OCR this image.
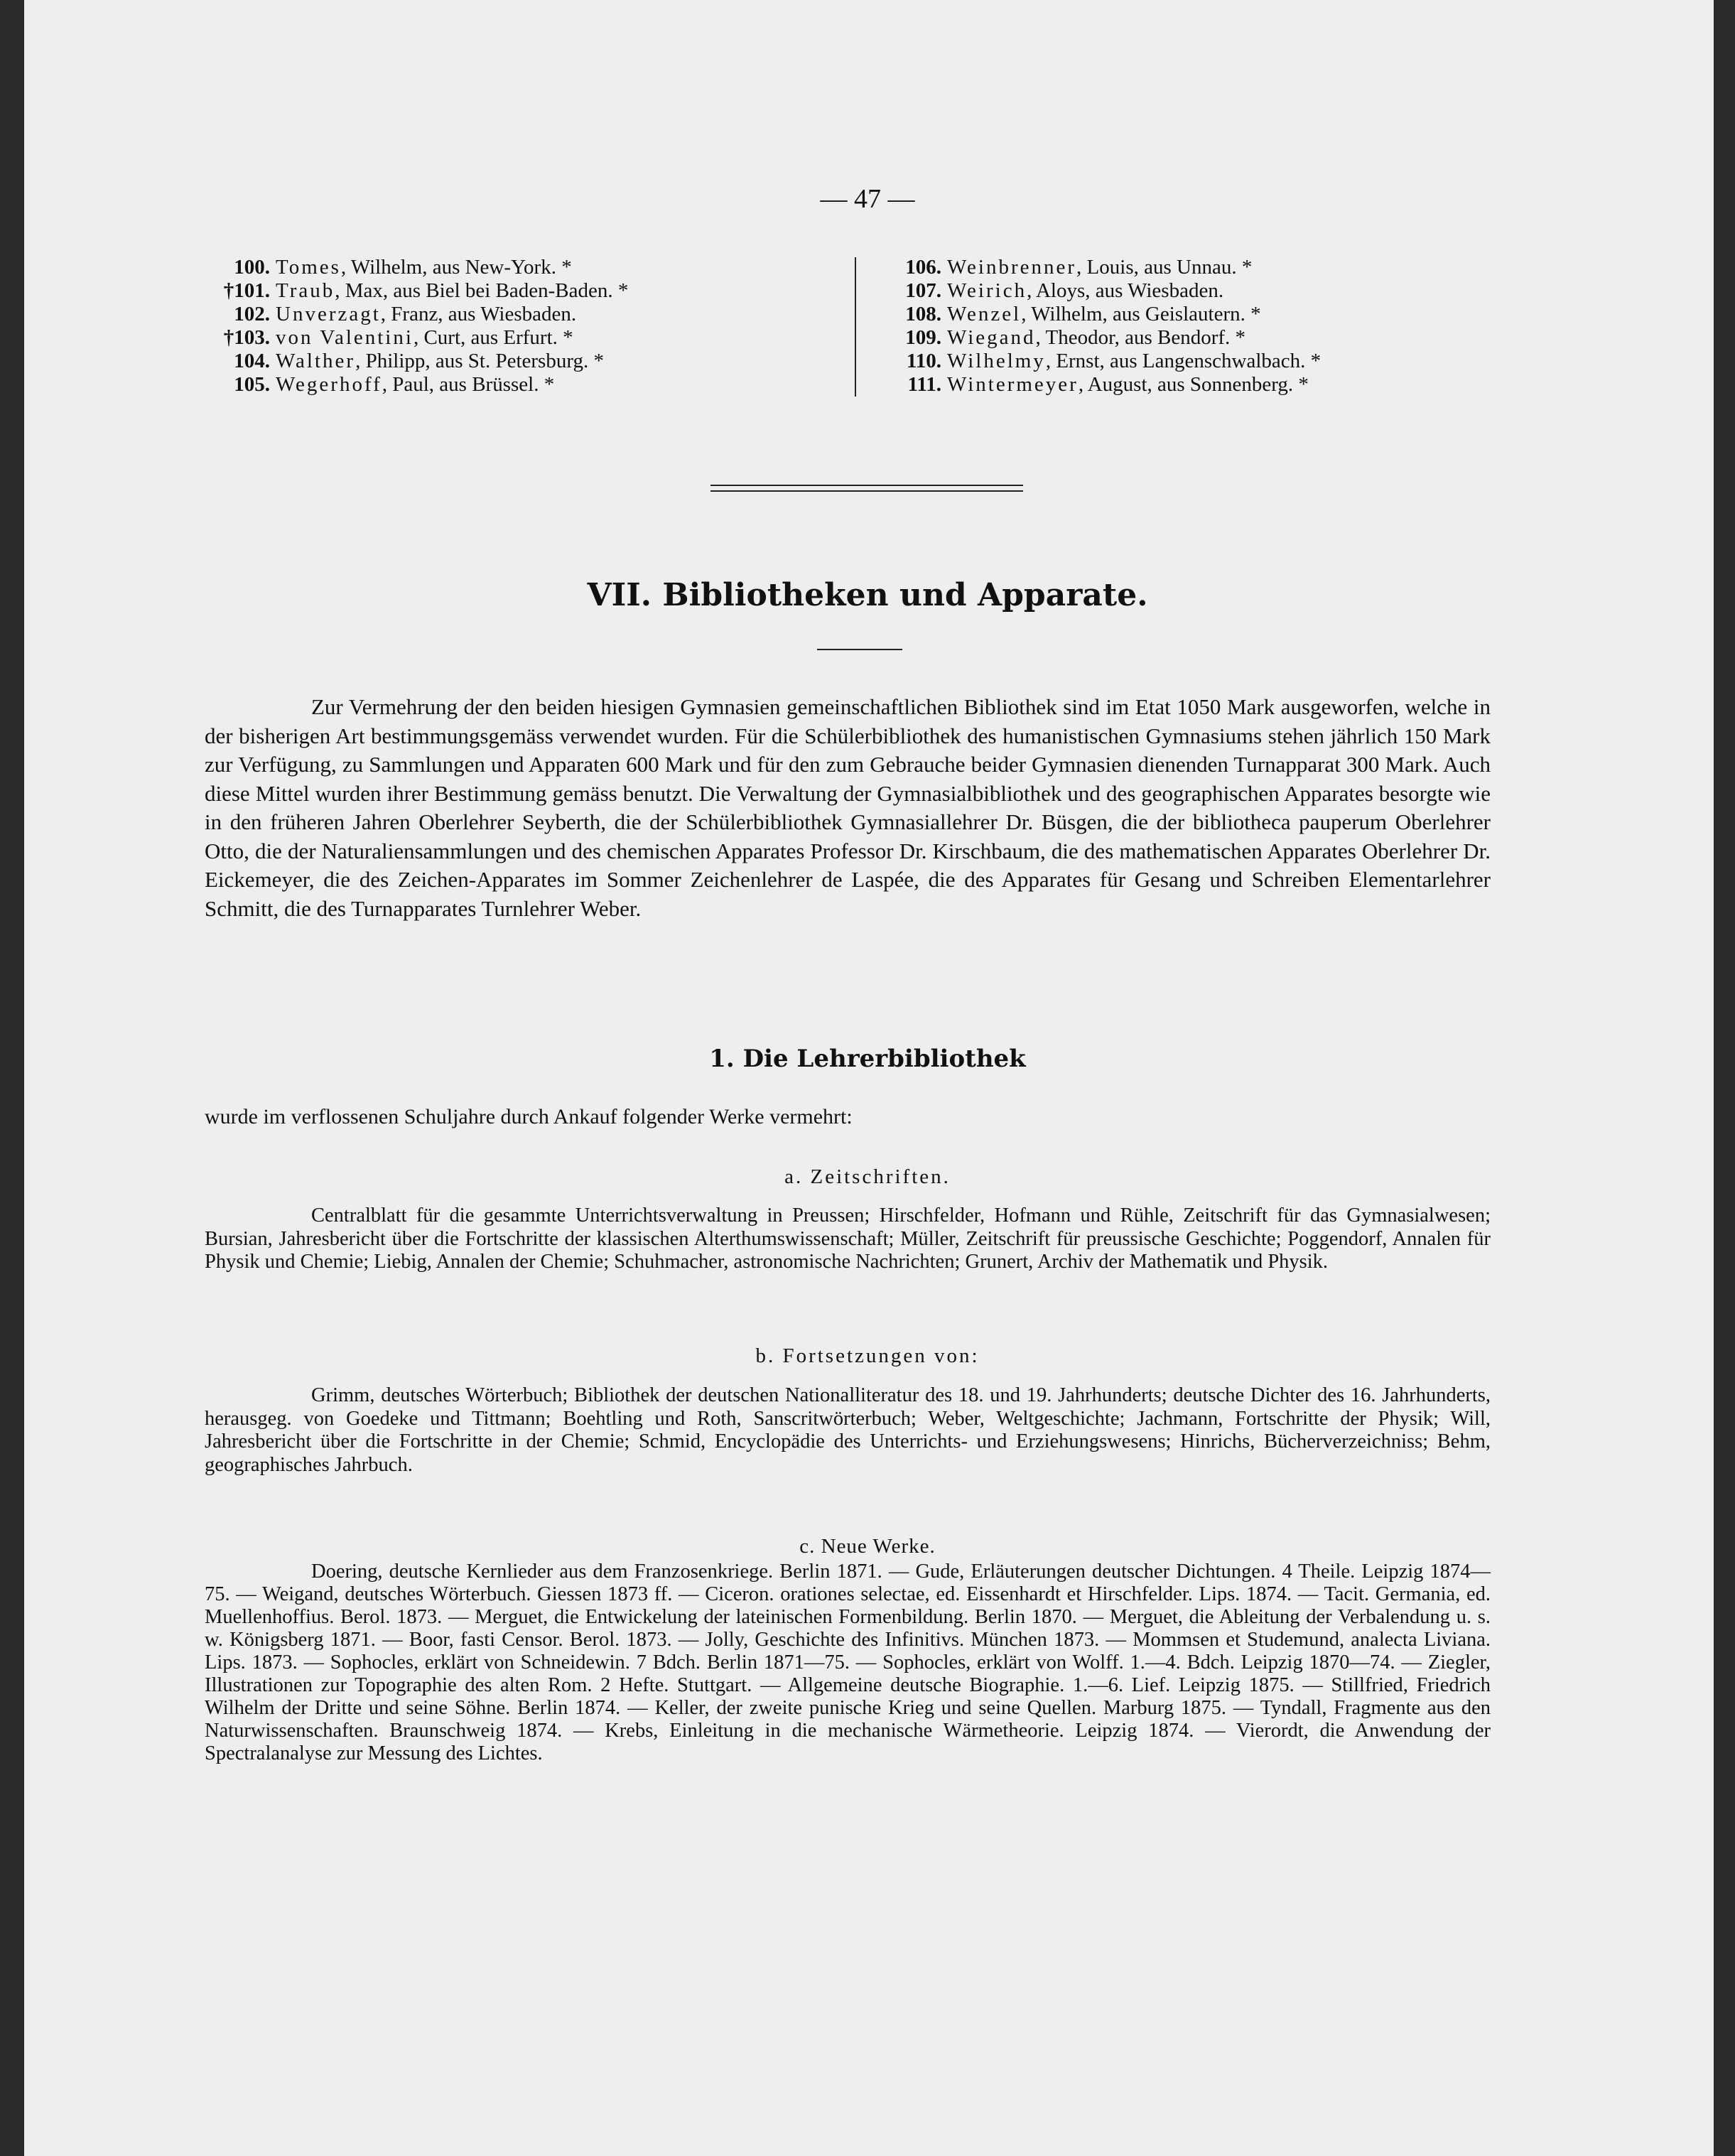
— 47 —
100. Tomes, Wilhelm, aus New-York. *
†101. Traub, Max, aus Biel bei Baden-Baden. *
102. Unverzagt, Franz, aus Wiesbaden.
†103. von Valentini, Curt, aus Erfurt. *
104. Walther, Philipp, aus St. Petersburg. *
105. Wegerhoff, Paul, aus Brüssel. *
106. Weinbrenner, Louis, aus Unnau. *
107. Weirich, Aloys, aus Wiesbaden.
108. Wenzel, Wilhelm, aus Geislautern. *
109. Wiegand, Theodor, aus Bendorf. *
110. Wilhelmy, Ernst, aus Langenschwalbach. *
111. Wintermeyer, August, aus Sonnenberg. *
VII. Bibliotheken und Apparate.
Zur Vermehrung der den beiden hiesigen Gymnasien gemeinschaftlichen Bibliothek sind im Etat 1050 Mark ausgeworfen, welche in der bisherigen Art bestimmungsgemäss verwendet wurden. Für die Schülerbibliothek des humanistischen Gymnasiums stehen jährlich 150 Mark zur Verfügung, zu Sammlungen und Apparaten 600 Mark und für den zum Gebrauche beider Gymnasien dienenden Turnapparat 300 Mark. Auch diese Mittel wurden ihrer Bestimmung gemäss benutzt. Die Verwaltung der Gymnasialbibliothek und des geographischen Apparates besorgte wie in den früheren Jahren Oberlehrer Seyberth, die der Schülerbibliothek Gymnasiallehrer Dr. Büsgen, die der bibliotheca pauperum Oberlehrer Otto, die der Naturaliensammlungen und des chemischen Apparates Professor Dr. Kirschbaum, die des mathematischen Apparates Oberlehrer Dr. Eickemeyer, die des Zeichen-Apparates im Sommer Zeichenlehrer de Laspée, die des Apparates für Gesang und Schreiben Elementarlehrer Schmitt, die des Turnapparates Turnlehrer Weber.
1. Die Lehrerbibliothek
wurde im verflossenen Schuljahre durch Ankauf folgender Werke vermehrt:
a. Zeitschriften.
Centralblatt für die gesammte Unterrichtsverwaltung in Preussen; Hirschfelder, Hofmann und Rühle, Zeitschrift für das Gymnasialwesen; Bursian, Jahresbericht über die Fortschritte der klassischen Alterthumswissenschaft; Müller, Zeitschrift für preussische Geschichte; Poggendorf, Annalen für Physik und Chemie; Liebig, Annalen der Chemie; Schuhmacher, astronomische Nachrichten; Grunert, Archiv der Mathematik und Physik.
b. Fortsetzungen von:
Grimm, deutsches Wörterbuch; Bibliothek der deutschen Nationalliteratur des 18. und 19. Jahrhunderts; deutsche Dichter des 16. Jahrhunderts, herausgeg. von Goedeke und Tittmann; Boehtling und Roth, Sanscritwörterbuch; Weber, Weltgeschichte; Jachmann, Fortschritte der Physik; Will, Jahresbericht über die Fortschritte in der Chemie; Schmid, Encyclopädie des Unterrichts- und Erziehungswesens; Hinrichs, Bücherverzeichniss; Behm, geographisches Jahrbuch.
c. Neue Werke.
Doering, deutsche Kernlieder aus dem Franzosenkriege. Berlin 1871. — Gude, Erläuterungen deutscher Dichtungen. 4 Theile. Leipzig 1874—75. — Weigand, deutsches Wörterbuch. Giessen 1873 ff. — Ciceron. orationes selectae, ed. Eissenhardt et Hirschfelder. Lips. 1874. — Tacit. Germania, ed. Muellenhoffius. Berol. 1873. — Merguet, die Entwickelung der lateinischen Formenbildung. Berlin 1870. — Merguet, die Ableitung der Verbalendung u. s. w. Königsberg 1871. — Boor, fasti Censor. Berol. 1873. — Jolly, Geschichte des Infinitivs. München 1873. — Mommsen et Studemund, analecta Liviana. Lips. 1873. — Sophocles, erklärt von Schneidewin. 7 Bdch. Berlin 1871—75. — Sophocles, erklärt von Wolff. 1.—4. Bdch. Leipzig 1870—74. — Ziegler, Illustrationen zur Topographie des alten Rom. 2 Hefte. Stuttgart. — Allgemeine deutsche Biographie. 1.—6. Lief. Leipzig 1875. — Stillfried, Friedrich Wilhelm der Dritte und seine Söhne. Berlin 1874. — Keller, der zweite punische Krieg und seine Quellen. Marburg 1875. — Tyndall, Fragmente aus den Naturwissenschaften. Braunschweig 1874. — Krebs, Einleitung in die mechanische Wärmetheorie. Leipzig 1874. — Vierordt, die Anwendung der Spectralanalyse zur Messung des Lichtes.
